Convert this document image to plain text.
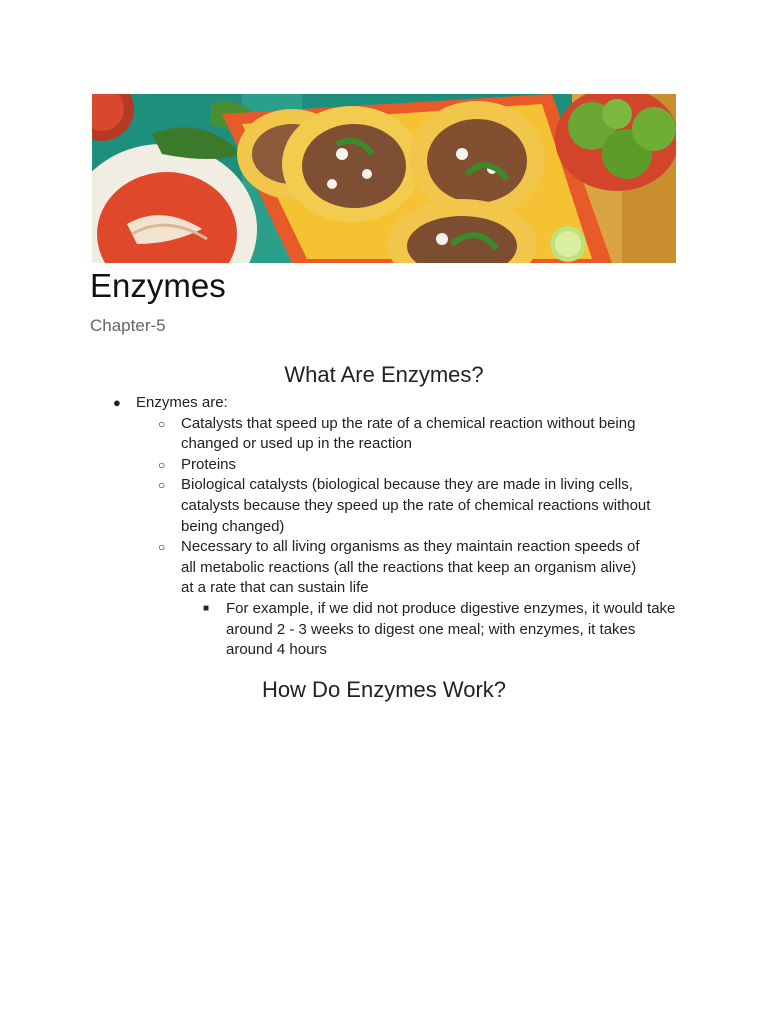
Enzymes
Chapter-5
What Are Enzymes?
● Enzymes are:
○ Catalysts that speed up the rate of a chemical reaction without being changed or used up in the reaction
○ Proteins
○ Biological catalysts (biological because they are made in living cells, catalysts because they speed up the rate of chemical reactions without being changed)
○ Necessary to all living organisms as they maintain reaction speeds of all metabolic reactions (all the reactions that keep an organism alive) at a rate that can sustain life
■ For example, if we did not produce digestive enzymes, it would take around 2 - 3 weeks to digest one meal; with enzymes, it takes around 4 hours
How Do Enzymes Work?
